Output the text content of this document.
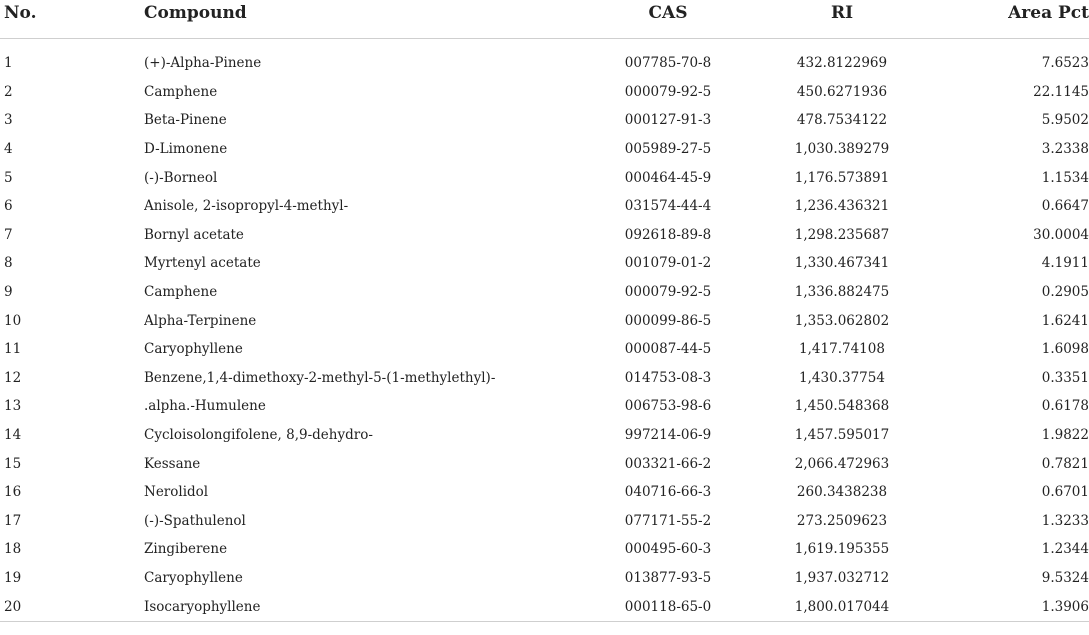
No.	Compound	CAS	RI	Area Pct
1	(+)-Alpha-Pinene	007785-70-8	432.8122969	7.6523
2	Camphene	000079-92-5	450.6271936	22.1145
3	Beta-Pinene	000127-91-3	478.7534122	5.9502
4	D-Limonene	005989-27-5	1,030.389279	3.2338
5	(-)-Borneol	000464-45-9	1,176.573891	1.1534
6	Anisole, 2-isopropyl-4-methyl-	031574-44-4	1,236.436321	0.6647
7	Bornyl acetate	092618-89-8	1,298.235687	30.0004
8	Myrtenyl acetate	001079-01-2	1,330.467341	4.1911
9	Camphene	000079-92-5	1,336.882475	0.2905
10	Alpha-Terpinene	000099-86-5	1,353.062802	1.6241
11	Caryophyllene	000087-44-5	1,417.74108	1.6098
12	Benzene,1,4-dimethoxy-2-methyl-5-(1-methylethyl)-	014753-08-3	1,430.37754	0.3351
13	.alpha.-Humulene	006753-98-6	1,450.548368	0.6178
14	Cycloisolongifolene, 8,9-dehydro-	997214-06-9	1,457.595017	1.9822
15	Kessane	003321-66-2	2,066.472963	0.7821
16	Nerolidol	040716-66-3	260.3438238	0.6701
17	(-)-Spathulenol	077171-55-2	273.2509623	1.3233
18	Zingiberene	000495-60-3	1,619.195355	1.2344
19	Caryophyllene	013877-93-5	1,937.032712	9.5324
20	Isocaryophyllene	000118-65-0	1,800.017044	1.3906
